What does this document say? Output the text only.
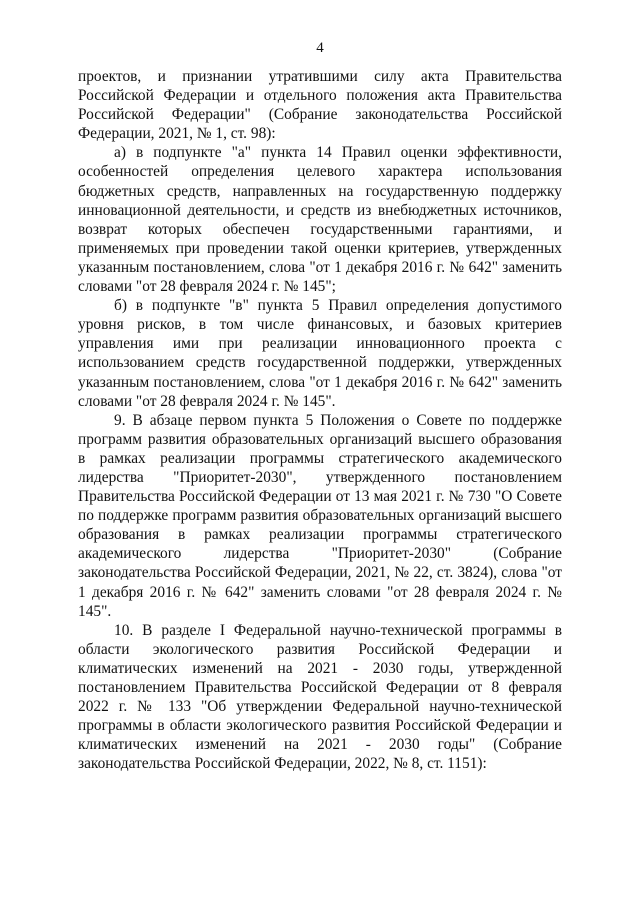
4

проектов, и признании утратившими силу акта Правительства Российской Федерации и отдельного положения акта Правительства Российской Федерации" (Собрание законодательства Российской Федерации, 2021, № 1, ст. 98):

а) в подпункте "а" пункта 14 Правил оценки эффективности, особенностей определения целевого характера использования бюджетных средств, направленных на государственную поддержку инновационной деятельности, и средств из внебюджетных источников, возврат которых обеспечен государственными гарантиями, и применяемых при проведении такой оценки критериев, утвержденных указанным постановлением, слова "от 1 декабря 2016 г. № 642" заменить словами "от 28 февраля 2024 г. № 145";

б) в подпункте "в" пункта 5 Правил определения допустимого уровня рисков, в том числе финансовых, и базовых критериев управления ими при реализации инновационного проекта с использованием средств государственной поддержки, утвержденных указанным постановлением, слова "от 1 декабря 2016 г. № 642" заменить словами "от 28 февраля 2024 г. № 145".

9. В абзаце первом пункта 5 Положения о Совете по поддержке программ развития образовательных организаций высшего образования в рамках реализации программы стратегического академического лидерства "Приоритет-2030", утвержденного постановлением Правительства Российской Федерации от 13 мая 2021 г. № 730 "О Совете по поддержке программ развития образовательных организаций высшего образования в рамках реализации программы стратегического академического лидерства "Приоритет-2030" (Собрание законодательства Российской Федерации, 2021, № 22, ст. 3824), слова "от 1 декабря 2016 г. № 642" заменить словами "от 28 февраля 2024 г. № 145".

10. В разделе I Федеральной научно-технической программы в области экологического развития Российской Федерации и климатических изменений на 2021 - 2030 годы, утвержденной постановлением Правительства Российской Федерации от 8 февраля 2022 г. № 133 "Об утверждении Федеральной научно-технической программы в области экологического развития Российской Федерации и климатических изменений на 2021 - 2030 годы" (Собрание законодательства Российской Федерации, 2022, № 8, ст. 1151):
